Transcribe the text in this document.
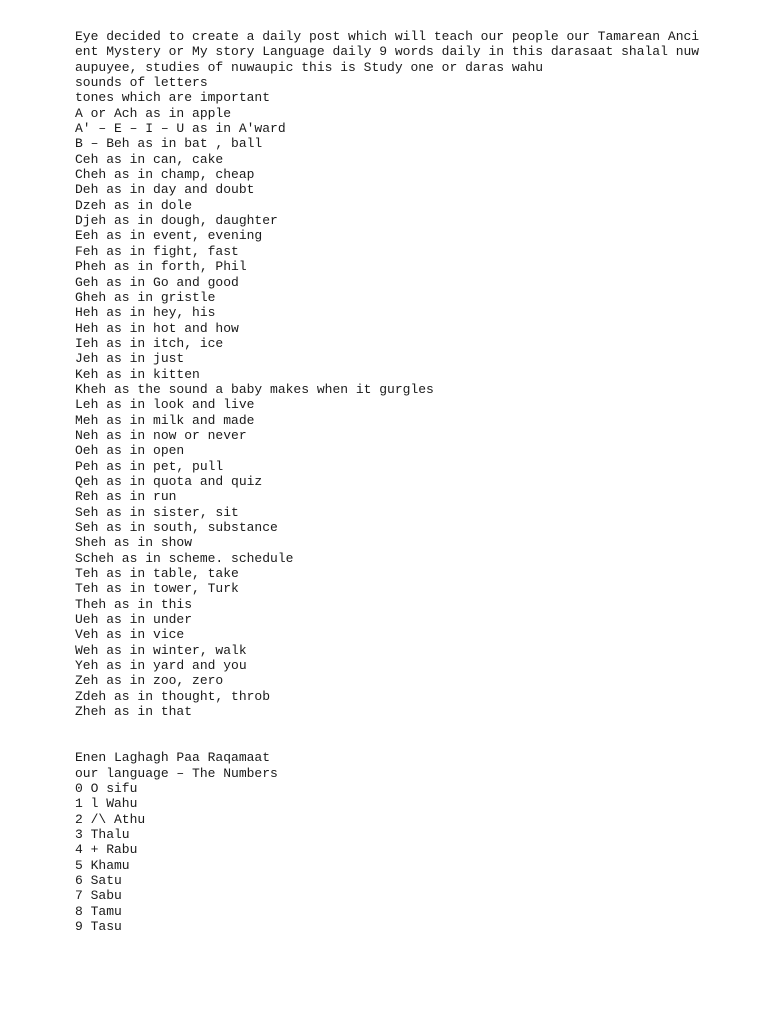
Eye decided to create a daily post which will teach our people our Tamarean Anci
ent Mystery or My story Language daily 9 words daily in this darasaat shalal nuw
aupuyee, studies of nuwaupic this is Study one or daras wahu
sounds of letters
tones which are important
A or Ach as in apple
A' – E – I – U as in A'ward
B – Beh as in bat , ball
Ceh as in can, cake
Cheh as in champ, cheap
Deh as in day and doubt
Dzeh as in dole
Djeh as in dough, daughter
Eeh as in event, evening
Feh as in fight, fast
Pheh as in forth, Phil
Geh as in Go and good
Gheh as in gristle
Heh as in hey, his
Heh as in hot and how
Ieh as in itch, ice
Jeh as in just
Keh as in kitten
Kheh as the sound a baby makes when it gurgles
Leh as in look and live
Meh as in milk and made
Neh as in now or never
Oeh as in open
Peh as in pet, pull
Qeh as in quota and quiz
Reh as in run
Seh as in sister, sit
Seh as in south, substance
Sheh as in show
Scheh as in scheme. schedule
Teh as in table, take
Teh as in tower, Turk
Theh as in this
Ueh as in under
Veh as in vice
Weh as in winter, walk
Yeh as in yard and you
Zeh as in zoo, zero
Zdeh as in thought, throb
Zheh as in that
Enen Laghagh Paa Raqamaat
our language – The Numbers
0 O sifu
1 l Wahu
2 /\ Athu
3 Thalu
4 + Rabu
5 Khamu
6 Satu
7 Sabu
8 Tamu
9 Tasu
